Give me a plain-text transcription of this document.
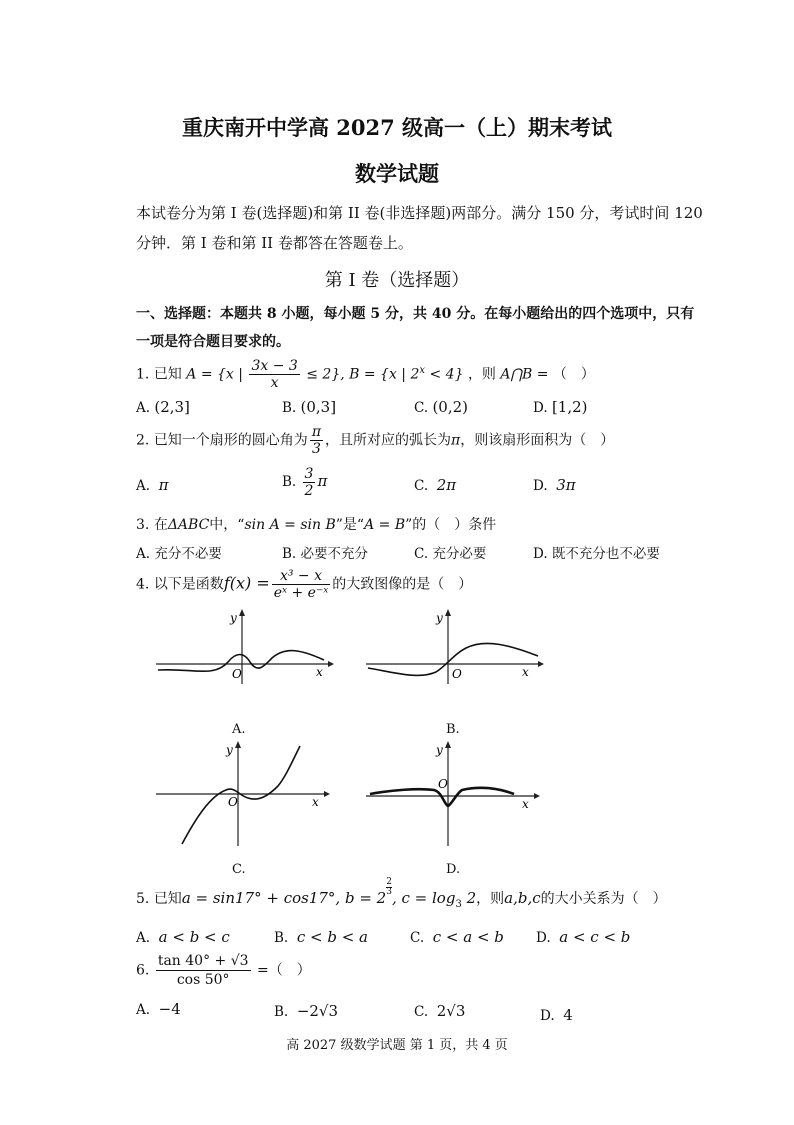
重庆南开中学高 2027 级高一（上）期末考试
数学试题
本试卷分为第 I 卷(选择题)和第 II 卷(非选择题)两部分。满分 150 分，考试时间 120 分钟．第 I 卷和第 II 卷都答在答题卷上。
第 I 卷（选择题）
一、选择题：本题共 8 小题，每小题 5 分，共 40 分。在每小题给出的四个选项中，只有一项是符合题目要求的。
1. 已知 A = {x | $\frac{3x - 3}{x} \le 2$}, B = {x | $2^x < 4$} ，则 A⋂B = （　）
A. (2,3]	B. (0,3]	C. (0,2)	D. [1,2)
2. 已知一个扇形的圆心角为 $\frac{\pi}{3}$ ，且所对应的弧长为π，则该扇形面积为（　）
A. π	B. $\frac{3}{2}$ π	C. 2π	D. 3π
3. 在ΔABC中，“sin A = sin B”是“A = B”的（　）条件
A. 充分不必要	B. 必要不充分	C. 充分必要	D. 既不充分也不必要
4. 以下是函数$f(x) = \frac{\text{x³ − x}}{\text{eˣ + e⁻ˣ}}$ 的大致图像的是（　）
O	x
y
A.
O	x
y
B.
O	x
y
C.
O
x
y
D.
5. 已知a = sin17° + cos17°, b = 2
$^{\frac{2}{3}}$
, $c = \log_3 2$，则a,b,c的大小关系为（　）
A. a < b < c	B. c < b < a	C. c < a < b D. a < c < b
6. $\frac{\tan 40^\circ + √3}{\cos 50^\circ}$ =（　）
A. −4	B. −2√3	C. 2√3	D. 4
高 2027 级数学试题 第 1 页，共 4 页
